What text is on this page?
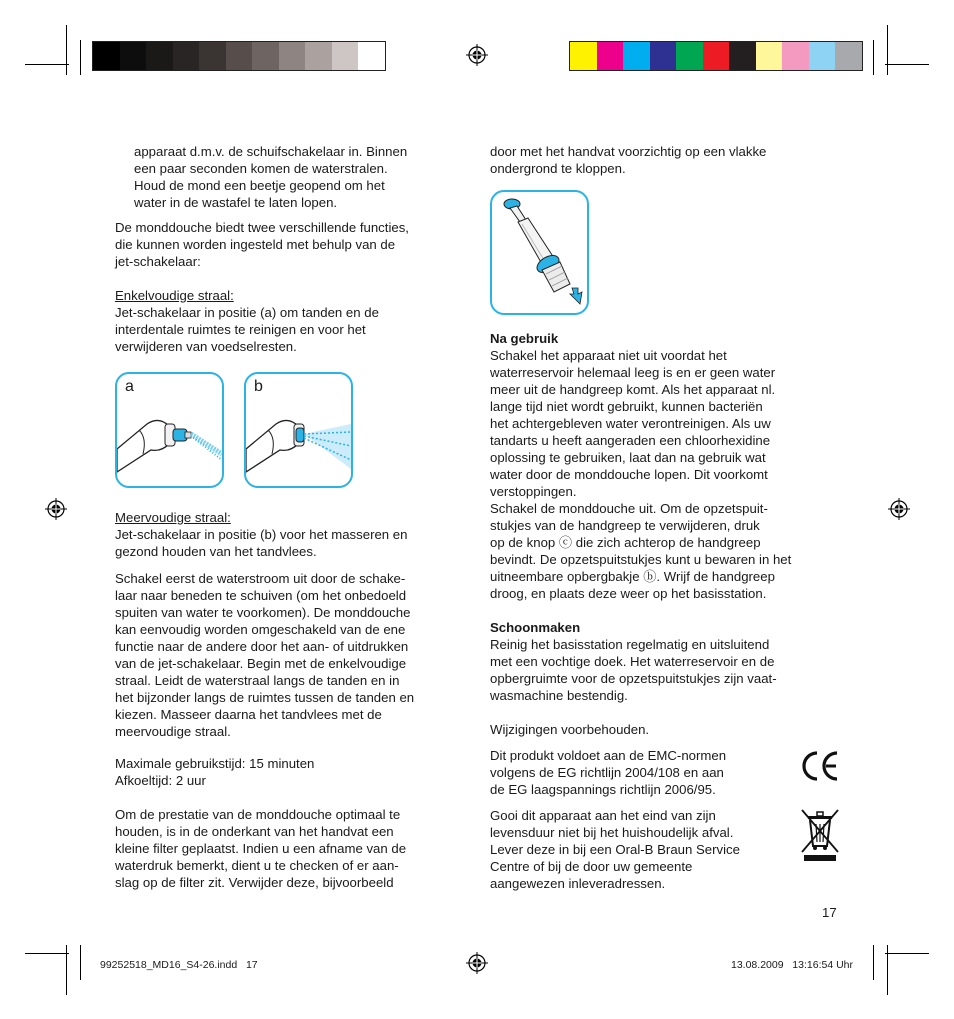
apparaat d.m.v. de schuifschakelaar in. Binnen

een paar seconden komen de waterstralen.

Houd de mond een beetje geopend om het

water in de wastafel te laten lopen.

De monddouche biedt twee verschillende functies,

die kunnen worden ingesteld met behulp van de

jet-schakelaar:

Enkelvoudige straal:

Jet-schakelaar in positie (a) om tanden en de

interdentale ruimtes te reinigen en voor het

verwijderen van voedselresten.

a	b

Meervoudige straal:

Jet-schakelaar in positie (b) voor het masseren en

gezond houden van het tandvlees.

Schakel eerst de waterstroom uit door de schake-

laar naar beneden te schuiven (om het onbedoeld

spuiten van water te voorkomen). De monddouche

kan eenvoudig worden omgeschakeld van de ene

functie naar de andere door het aan- of uitdrukken

van de jet-schakelaar. Begin met de enkelvoudige

straal. Leidt de waterstraal langs de tanden en in

het bijzonder langs de ruimtes tussen de tanden en

kiezen. Masseer daarna het tandvlees met de

meervoudige straal.

Maximale gebruikstijd: 15 minuten

Afkoeltijd: 2 uur

Om de prestatie van de monddouche optimaal te

houden, is in de onderkant van het handvat een

kleine filter geplaatst. Indien u een afname van de

waterdruk bemerkt, dient u te checken of er aan-

slag op de filter zit. Verwijder deze, bijvoorbeeld

door met het handvat voorzichtig op een vlakke

ondergrond te kloppen.

Na gebruik

Schakel het apparaat niet uit voordat het

waterreservoir helemaal leeg is en er geen water

meer uit de handgreep komt. Als het apparaat nl.

lange tijd niet wordt gebruikt, kunnen bacteriën

het achtergebleven water verontreinigen. Als uw

tandarts u heeft aangeraden een chloorhexidine

oplossing te gebruiken, laat dan na gebruik wat

water door de monddouche lopen. Dit voorkomt

verstoppingen.

Schakel de monddouche uit. Om de opzetspuit-

stukjes van de handgreep te verwijderen, druk

op de knop ⓒ die zich achterop de handgreep

bevindt. De opzetspuitstukjes kunt u bewaren in het

uitneembare opbergbakje ⓑ. Wrijf de handgreep

droog, en plaats deze weer op het basisstation.

Schoonmaken

Reinig het basisstation regelmatig en uitsluitend

met een vochtige doek. Het waterreservoir en de

opbergruimte voor de opzetspuitstukjes zijn vaat-

wasmachine bestendig.

Wijzigingen voorbehouden.

Dit produkt voldoet aan de EMC-normen

volgens de EG richtlijn 2004/108 en aan

de EG laagspannings richtlijn 2006/95.

Gooi dit apparaat aan het eind van zijn

levensduur niet bij het huishoudelijk afval.

Lever deze in bij een Oral-B Braun Service

Centre of bij de door uw gemeente

aangewezen inleveradressen.

17
99252518_MD16_S4-26.indd   17	13.08.2009   13:16:54 Uhr
